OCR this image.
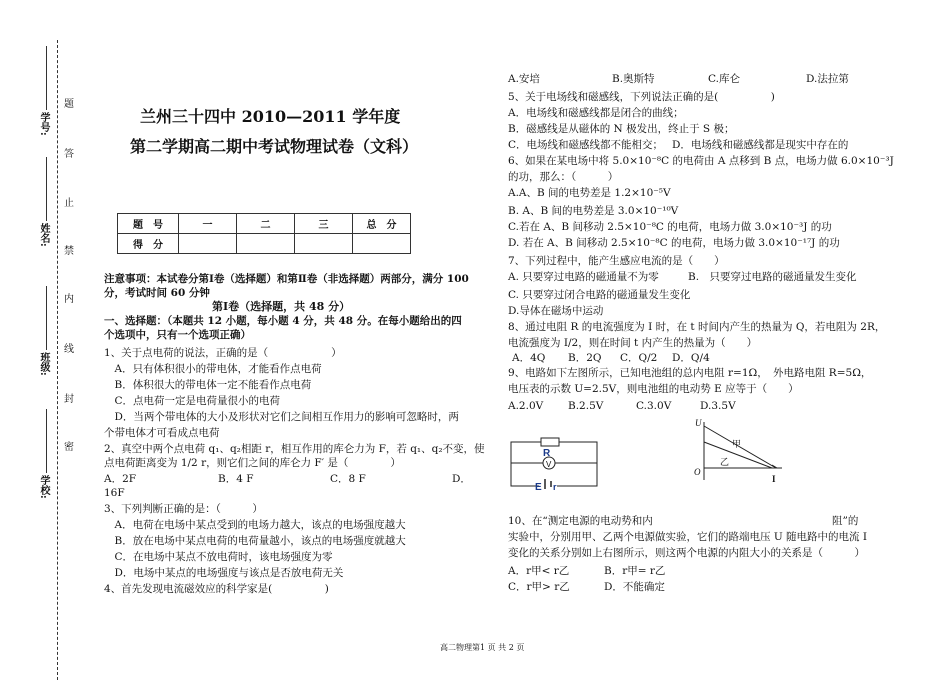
学号:
姓名:
班级:
学校:
题
答
止
禁
内
线
封
密
兰州三十四中 2010—2011 学年度
第二学期高二期中考试物理试卷（文科）
题　号	一	二	三	总　分
得　分				
注意事项：本试卷分第Ⅰ卷（选择题）和第Ⅱ卷（非选择题）两部分，满分 100
分，考试时间 60 分钟
第Ⅰ卷（选择题，共 48 分）
一、选择题：（本题共 12 小题，每小题 4 分，共 48 分。在每小题给出的四
个选项中，只有一个选项正确）
1、关于点电荷的说法，正确的是（　　　　　　）
　A．只有体积很小的带电体，才能看作点电荷
　B．体积很大的带电体一定不能看作点电荷
　C．点电荷一定是电荷量很小的电荷
　D．当两个带电体的大小及形状对它们之间相互作用力的影响可忽略时，两
个带电体才可看成点电荷
2、真空中两个点电荷 q₁、q₂相距 r，相互作用的库仑力为 F，若 q₁、q₂不变，使
点电荷距离变为 1/2 r，则它们之间的库仑力 F′ 是（　　　　）
A．2F	B．4 F	C．8 F	D．
16F
3、下列判断正确的是：（　　　）
　A．电荷在电场中某点受到的电场力越大，该点的电场强度越大
　B．放在电场中某点电荷的电荷量越小，该点的电场强度就越大
　C．在电场中某点不放电荷时，该电场强度为零
　D．电场中某点的电场强度与该点是否放电荷无关
4、首先发现电流磁效应的科学家是(　　　　　)
A.安培	B.奥斯特	C.库仑	D.法拉第
5、关于电场线和磁感线，下列说法正确的是(　　　　　)
A．电场线和磁感线都是闭合的曲线；
B．磁感线是从磁体的 N 极发出，终止于 S 极；
C．电场线和磁感线都不能相交； D．电场线和磁感线都是现实中存在的
6、如果在某电场中将 5.0×10⁻⁸C 的电荷由 A 点移到 B 点，电场力做 6.0×10⁻³J
的功，那么：（　　　）
A.A、B 间的电势差是 1.2×10⁻⁵V
B. A、B 间的电势差是 3.0×10⁻¹⁰V
C.若在 A、B 间移动 2.5×10⁻⁸C 的电荷，电场力做 3.0×10⁻³J 的功
D. 若在 A、B 间移动 2.5×10⁻⁸C 的电荷，电场力做 3.0×10⁻¹⁷J 的功
7、下列过程中，能产生感应电流的是（　　）
A. 只要穿过电路的磁通量不为零	B.　只要穿过电路的磁通量发生变化
C. 只要穿过闭合电路的磁通量发生变化
D.导体在磁场中运动
8、通过电阻 R 的电流强度为 I 时，在 t 时间内产生的热量为 Q，若电阻为 2R，
电流强度为 I/2，则在时间 t 内产生的热量为（　　）
A．4Q B．2Q C．Q/2 D．Q/4
9、电路如下左图所示，已知电池组的总内电阻 r=1Ω，　外电路电阻 R=5Ω，
电压表的示数 U=2.5V，则电池组的电动势 E 应等于（　　）
A.2.0V B.2.5V	C.3.0V	D.3.5V
R
V
E r
U
I
O
甲
乙
10、在“测定电源的电动势和内	阻”的
实验中，分别用甲、乙两个电源做实验，它们的路端电压 U 随电路中的电流 I
变化的关系分别如上右图所示，则这两个电源的内阻大小的关系是（　　　）
A．r甲< r乙	B．r甲= r乙
C．r甲> r乙	D．不能确定
高二物理第1 页 共 2 页
